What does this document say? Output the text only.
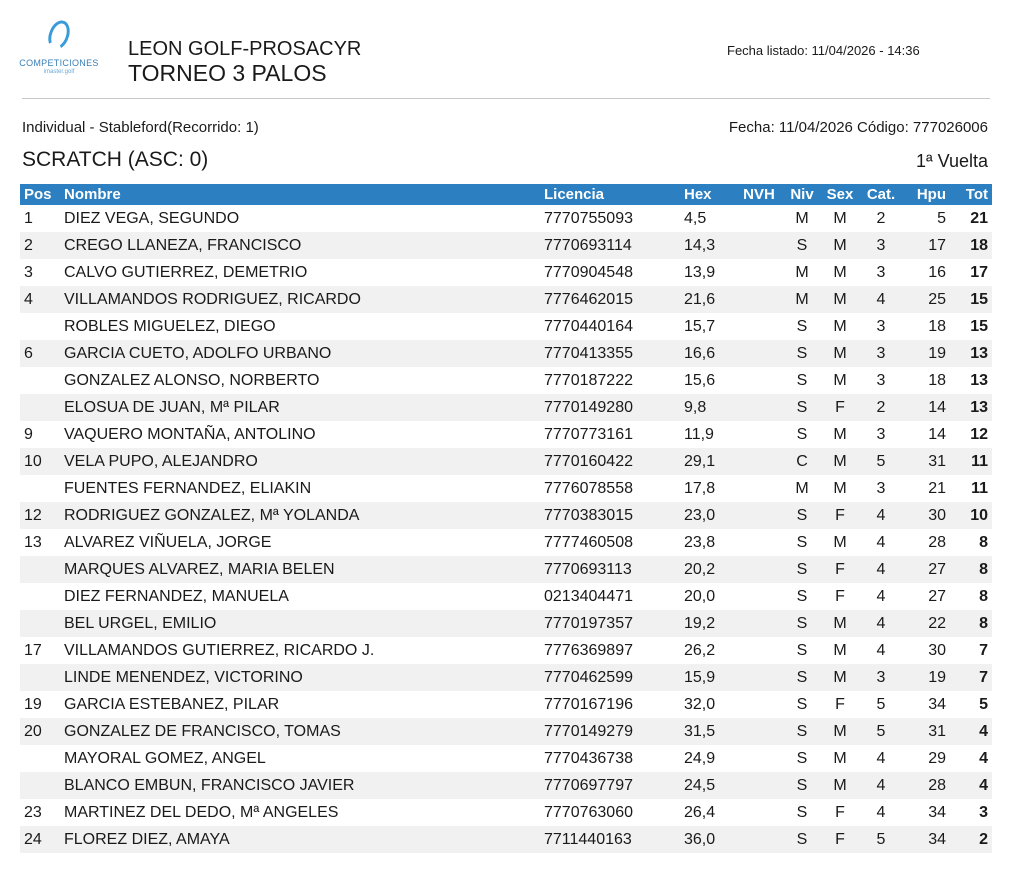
COMPETICIONES
imaster.golf
LEON GOLF-PROSACYR
TORNEO 3 PALOS
Fecha listado: 11/04/2026 - 14:36
Individual - Stableford(Recorrido: 1)	Fecha: 11/04/2026 Código: 777026006
SCRATCH (ASC: 0)	1ª Vuelta
Pos	Nombre	Licencia	Hex	NVH	Niv	Sex	Cat.	Hpu	Tot
1	DIEZ VEGA, SEGUNDO	7770755093	4,5		M	M	2	5	21
2	CREGO LLANEZA, FRANCISCO	7770693114	14,3		S	M	3	17	18
3	CALVO GUTIERREZ, DEMETRIO	7770904548	13,9		M	M	3	16	17
4	VILLAMANDOS RODRIGUEZ, RICARDO	7776462015	21,6		M	M	4	25	15
	ROBLES MIGUELEZ, DIEGO	7770440164	15,7		S	M	3	18	15
6	GARCIA CUETO, ADOLFO URBANO	7770413355	16,6		S	M	3	19	13
	GONZALEZ ALONSO, NORBERTO	7770187222	15,6		S	M	3	18	13
	ELOSUA DE JUAN, Mª PILAR	7770149280	9,8		S	F	2	14	13
9	VAQUERO MONTAÑA, ANTOLINO	7770773161	11,9		S	M	3	14	12
10	VELA PUPO, ALEJANDRO	7770160422	29,1		C	M	5	31	11
	FUENTES FERNANDEZ, ELIAKIN	7776078558	17,8		M	M	3	21	11
12	RODRIGUEZ GONZALEZ, Mª YOLANDA	7770383015	23,0		S	F	4	30	10
13	ALVAREZ VIÑUELA, JORGE	7777460508	23,8		S	M	4	28	8
	MARQUES ALVAREZ, MARIA BELEN	7770693113	20,2		S	F	4	27	8
	DIEZ FERNANDEZ, MANUELA	0213404471	20,0		S	F	4	27	8
	BEL URGEL, EMILIO	7770197357	19,2		S	M	4	22	8
17	VILLAMANDOS GUTIERREZ, RICARDO J.	7776369897	26,2		S	M	4	30	7
	LINDE MENENDEZ, VICTORINO	7770462599	15,9		S	M	3	19	7
19	GARCIA ESTEBANEZ, PILAR	7770167196	32,0		S	F	5	34	5
20	GONZALEZ DE FRANCISCO, TOMAS	7770149279	31,5		S	M	5	31	4
	MAYORAL GOMEZ, ANGEL	7770436738	24,9		S	M	4	29	4
	BLANCO EMBUN, FRANCISCO JAVIER	7770697797	24,5		S	M	4	28	4
23	MARTINEZ DEL DEDO, Mª ANGELES	7770763060	26,4		S	F	4	34	3
24	FLOREZ DIEZ, AMAYA	7711440163	36,0		S	F	5	34	2
